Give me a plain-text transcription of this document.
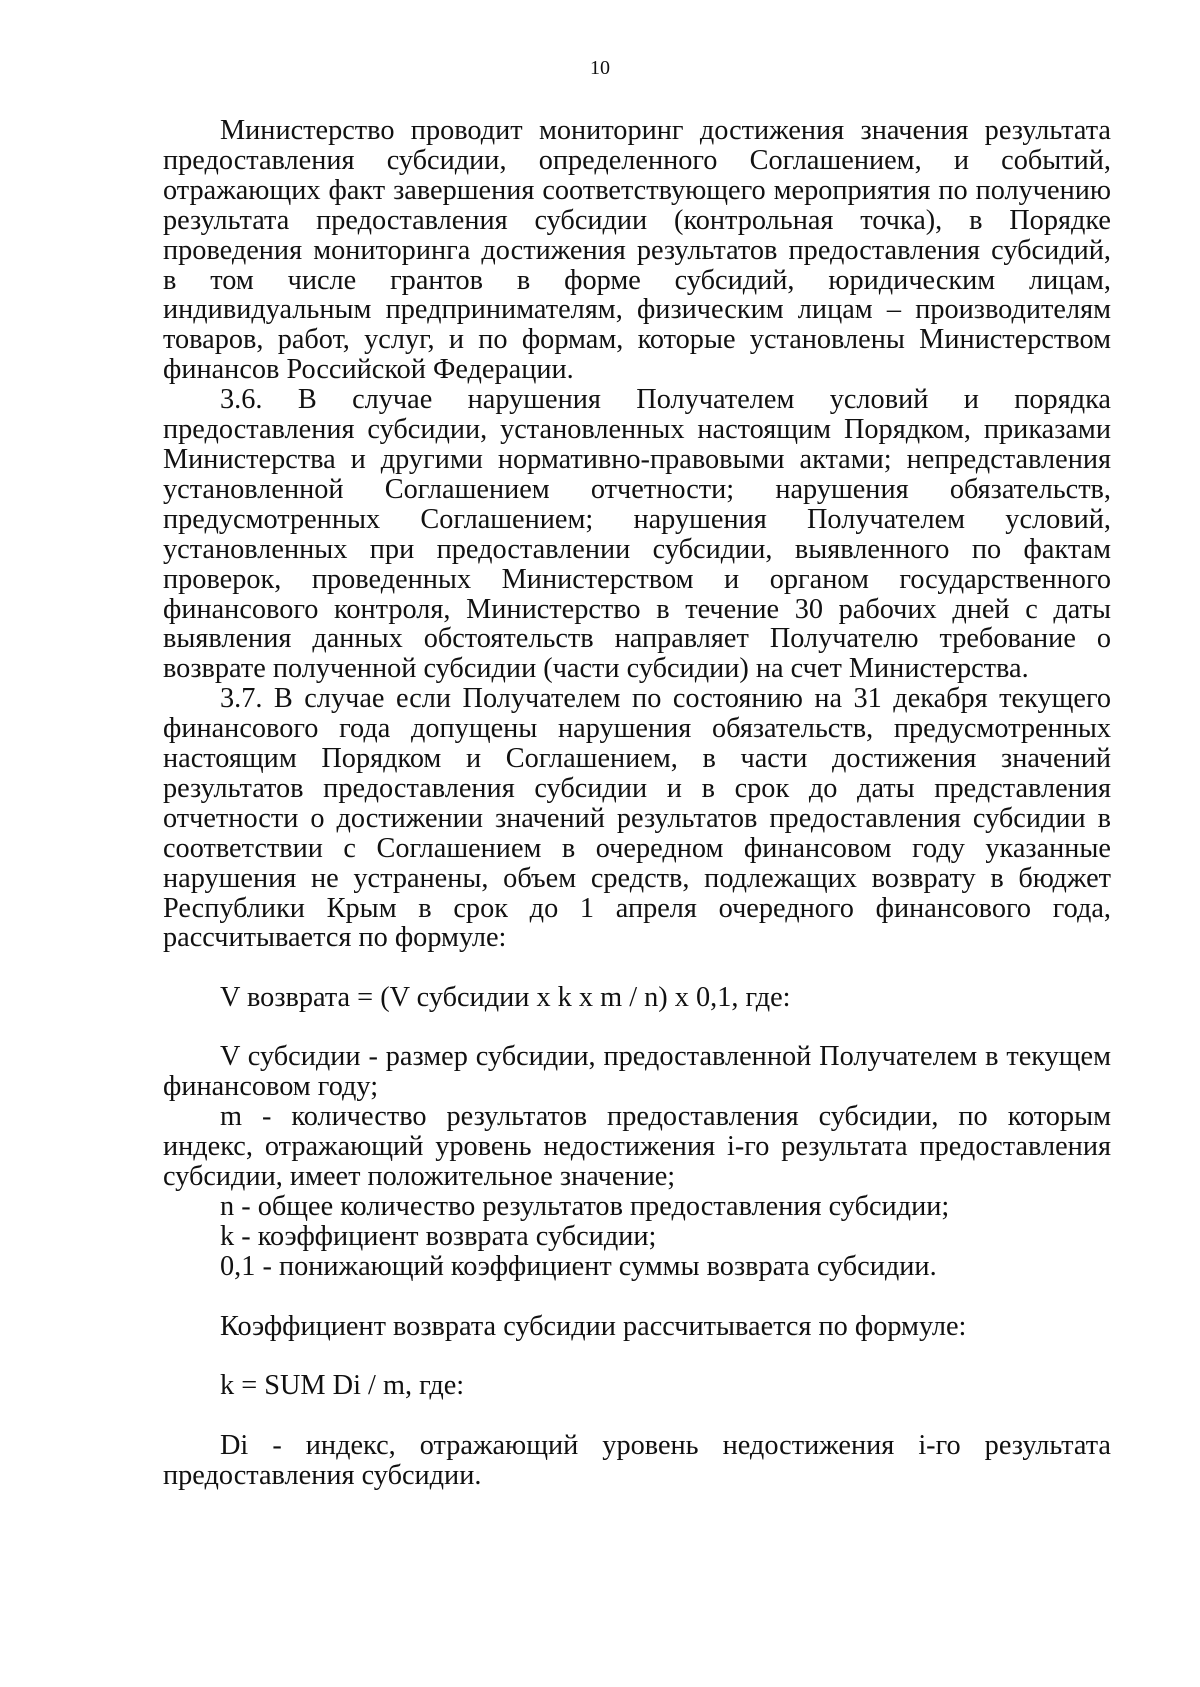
10

Министерство проводит мониторинг достижения значения результата предоставления субсидии, определенного Соглашением, и событий, отражающих факт завершения соответствующего мероприятия по получению результата предоставления субсидии (контрольная точка), в Порядке проведения мониторинга достижения результатов предоставления субсидий, в том числе грантов в форме субсидий, юридическим лицам, индивидуальным предпринимателям, физическим лицам – производителям товаров, работ, услуг, и по формам, которые установлены Министерством финансов Российской Федерации.

3.6. В случае нарушения Получателем условий и порядка предоставления субсидии, установленных настоящим Порядком, приказами Министерства и другими нормативно-правовыми актами; непредставления установленной Соглашением отчетности; нарушения обязательств, предусмотренных Соглашением; нарушения Получателем условий, установленных при предоставлении субсидии, выявленного по фактам проверок, проведенных Министерством и органом государственного финансового контроля, Министерство в течение 30 рабочих дней с даты выявления данных обстоятельств направляет Получателю требование о возврате полученной субсидии (части субсидии) на счет Министерства.

3.7. В случае если Получателем по состоянию на 31 декабря текущего финансового года допущены нарушения обязательств, предусмотренных настоящим Порядком и Соглашением, в части достижения значений результатов предоставления субсидии и в срок до даты представления отчетности о достижении значений результатов предоставления субсидии в соответствии с Соглашением в очередном финансовом году указанные нарушения не устранены, объем средств, подлежащих возврату в бюджет Республики Крым в срок до 1 апреля очередного финансового года, рассчитывается по формуле:

V возврата = (V субсидии x k x m / n) x 0,1, где:

V субсидии - размер субсидии, предоставленной Получателем в текущем финансовом году;

m - количество результатов предоставления субсидии, по которым индекс, отражающий уровень недостижения i-го результата предоставления субсидии, имеет положительное значение;

n - общее количество результатов предоставления субсидии;

k - коэффициент возврата субсидии;

0,1 - понижающий коэффициент суммы возврата субсидии.

Коэффициент возврата субсидии рассчитывается по формуле:

k = SUM Di / m, где:

Di - индекс, отражающий уровень недостижения i-го результата предоставления субсидии.
